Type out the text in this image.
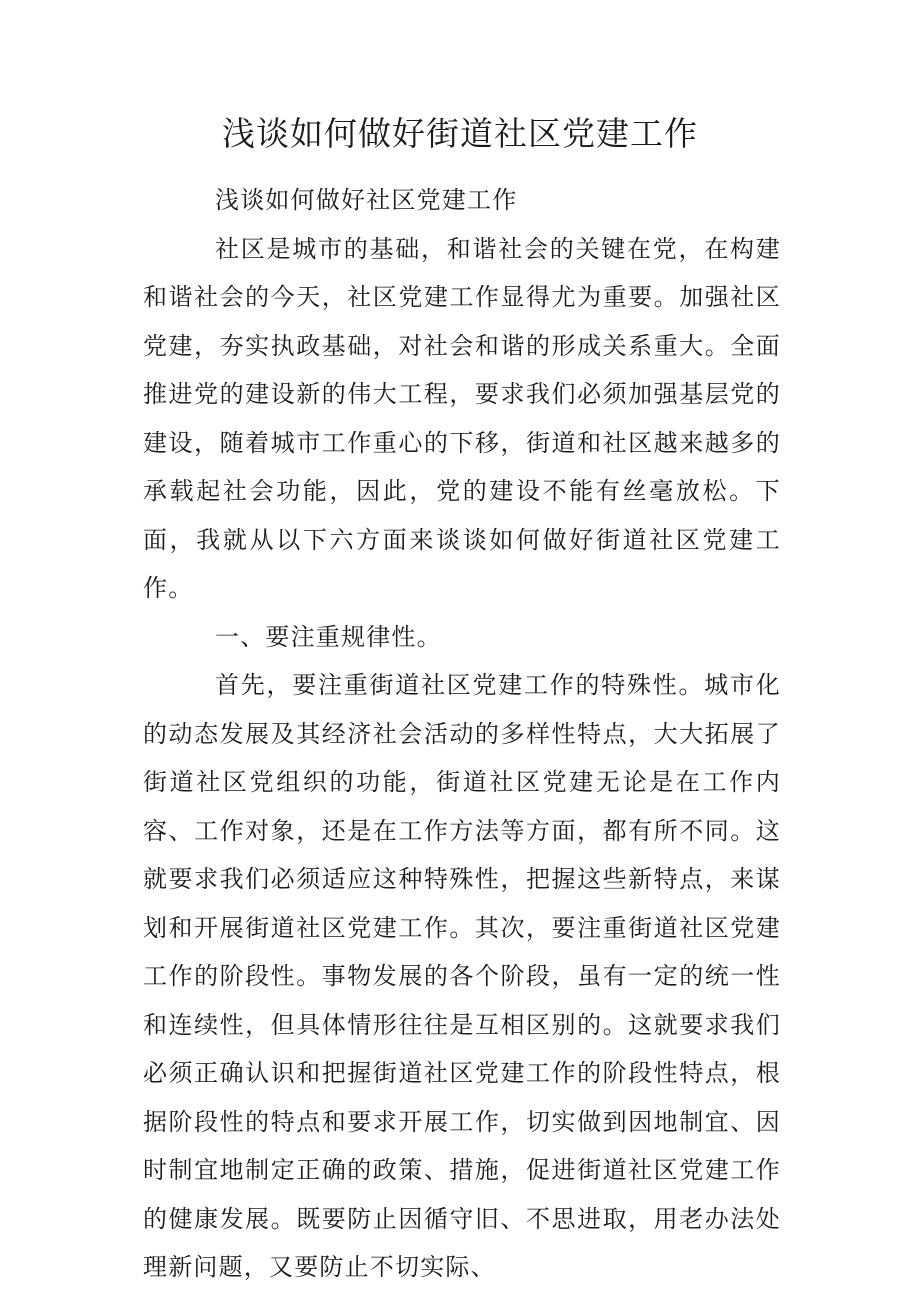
浅谈如何做好街道社区党建工作

浅谈如何做好社区党建工作

社区是城市的基础，和谐社会的关键在党，在构建和谐社会的今天，社区党建工作显得尤为重要。加强社区党建，夯实执政基础，对社会和谐的形成关系重大。全面推进党的建设新的伟大工程，要求我们必须加强基层党的建设，随着城市工作重心的下移，街道和社区越来越多的承载起社会功能，因此，党的建设不能有丝毫放松。下面，我就从以下六方面来谈谈如何做好街道社区党建工作。

一、要注重规律性。

首先，要注重街道社区党建工作的特殊性。城市化的动态发展及其经济社会活动的多样性特点，大大拓展了街道社区党组织的功能，街道社区党建无论是在工作内容、工作对象，还是在工作方法等方面，都有所不同。这就要求我们必须适应这种特殊性，把握这些新特点，来谋划和开展街道社区党建工作。其次，要注重街道社区党建工作的阶段性。事物发展的各个阶段，虽有一定的统一性和连续性，但具体情形往往是互相区别的。这就要求我们必须正确认识和把握街道社区党建工作的阶段性特点，根据阶段性的特点和要求开展工作，切实做到因地制宜、因时制宜地制定正确的政策、措施，促进街道社区党建工作的健康发展。既要防止因循守旧、不思进取，用老办法处理新问题，又要防止不切实际、
